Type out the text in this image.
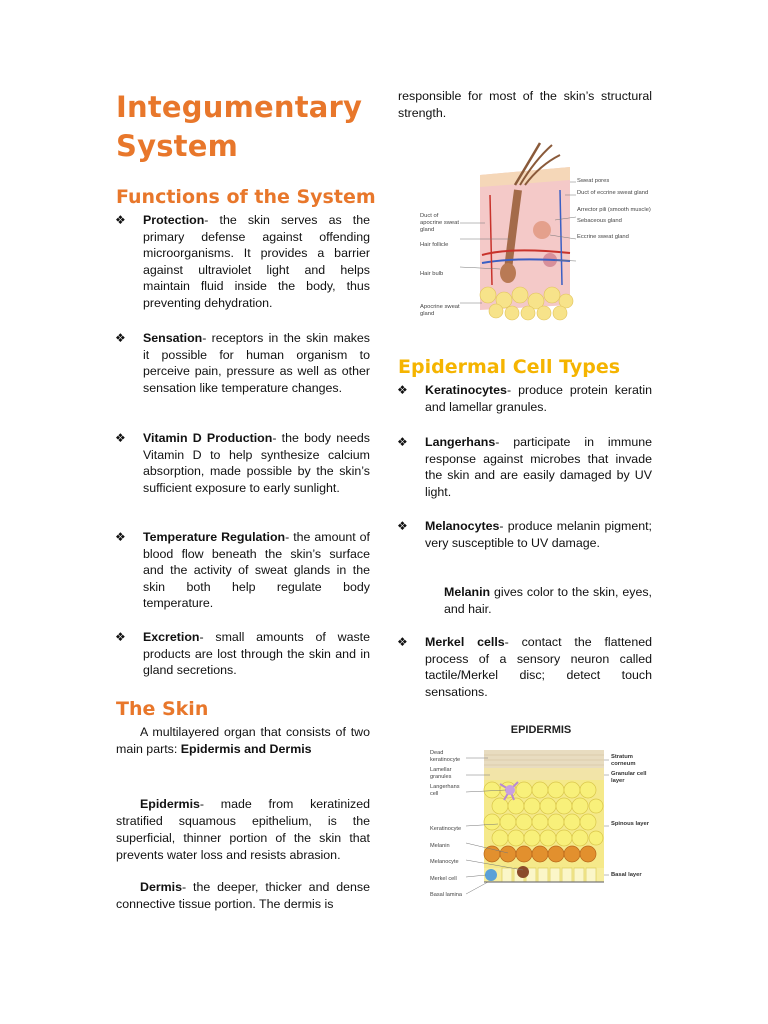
Integumentary
System
Functions of the System
❖ Protection- the skin serves as the primary defense against offending microorganisms. It provides a barrier against ultraviolet light and helps maintain fluid inside the body, thus preventing dehydration.
❖ Sensation- receptors in the skin makes it possible for human organism to perceive pain, pressure as well as other sensation like temperature changes.
❖ Vitamin D Production- the body needs Vitamin D to help synthesize calcium absorption, made possible by the skin’s sufficient exposure to early sunlight.
❖ Temperature Regulation- the amount of blood flow beneath the skin’s surface and the activity of sweat glands in the skin both help regulate body temperature.
❖ Excretion- small amounts of waste products are lost through the skin and in gland secretions.
The Skin
A multilayered organ that consists of two main parts: Epidermis and Dermis
Epidermis- made from keratinized stratified squamous epithelium, is the superficial, thinner portion of the skin that prevents water loss and resists abrasion.
Dermis- the deeper, thicker and dense connective tissue portion. The dermis is
responsible for most of the skin’s structural strength.
Sweat pores
Duct of eccrine sweat gland
Arrector pili (smooth muscle)
Sebaceous gland
Eccrine sweat gland
Duct of apocrine sweat gland
Hair follicle
Hair bulb
Apocrine sweat gland
Epidermal Cell Types
❖ Keratinocytes- produce protein keratin and lamellar granules.
❖ Langerhans- participate in immune response against microbes that invade the skin and are easily damaged by UV light.
❖ Melanocytes- produce melanin pigment; very susceptible to UV damage.
Melanin gives color to the skin, eyes, and hair.
❖ Merkel cells- contact the flattened process of a sensory neuron called tactile/Merkel disc; detect touch sensations.
EPIDERMIS
Dead keratinocyte
Lamellar granules
Langerhans cell
Keratinocyte
Melanin
Melanocyte
Merkel cell
Basal lamina
Stratum corneum
Granular cell layer
Spinous layer
Basal layer
